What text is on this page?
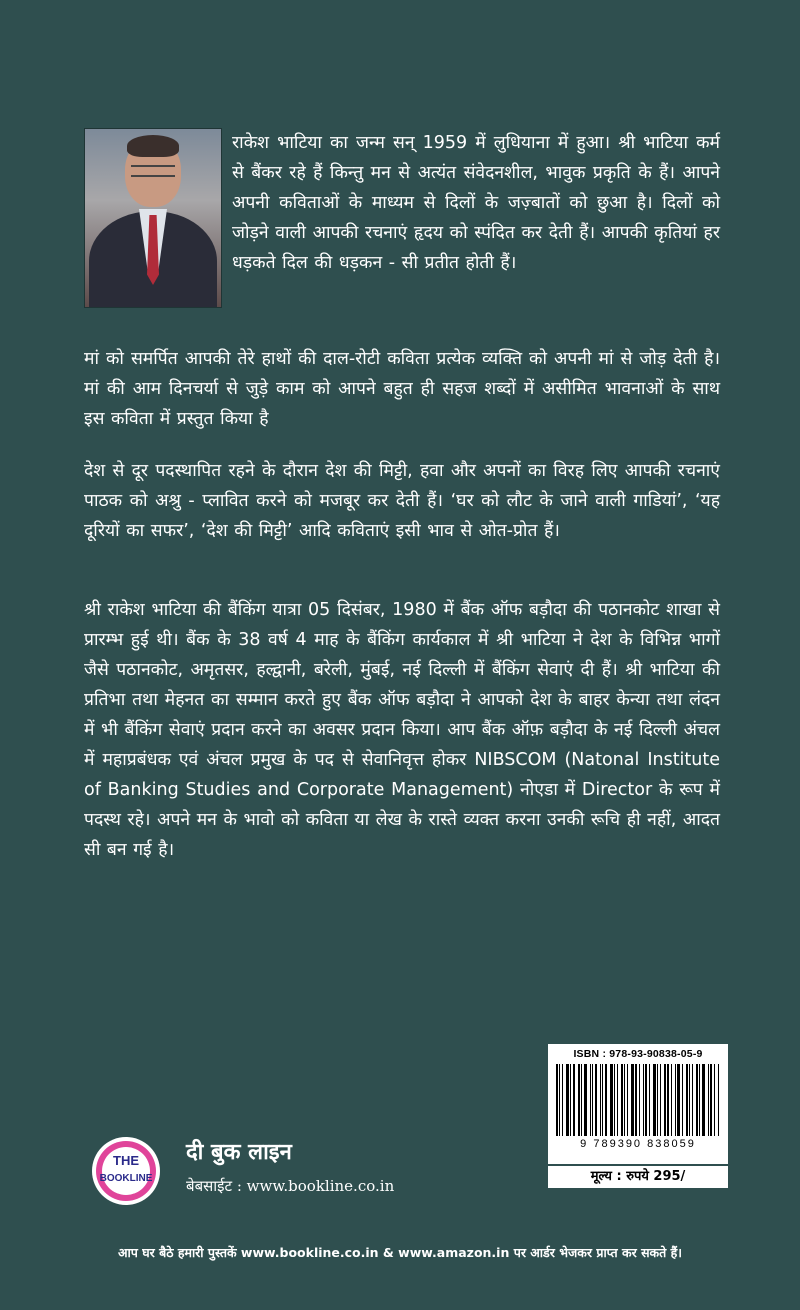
राकेश भाटिया का जन्म सन् 1959 में लुधियाना में हुआ। श्री भाटिया कर्म से बैंकर रहे हैं किन्तु मन से अत्यंत संवेदनशील, भावुक प्रकृति के हैं। आपने अपनी कविताओं के माध्यम से दिलों के जज़्बातों को छुआ है। दिलों को जोड़ने वाली आपकी रचनाएं हृदय को स्पंदित कर देती हैं। आपकी कृतियां हर धड़कते दिल की धड़कन - सी प्रतीत होती हैं।

मां को समर्पित आपकी तेरे हाथों की दाल-रोटी कविता प्रत्येक व्यक्ति को अपनी मां से जोड़ देती है। मां की आम दिनचर्या से जुड़े काम को आपने बहुत ही सहज शब्दों में असीमित भावनाओं के साथ इस कविता में प्रस्तुत किया है

देश से दूर पदस्थापित रहने के दौरान देश की मिट्टी, हवा और अपनों का विरह लिए आपकी रचनाएं पाठक को अश्रु - प्लावित करने को मजबूर कर देती हैं। ‘घर को लौट के जाने वाली गाडियां’, ‘यह दूरियों का सफर’, ‘देश की मिट्टी’ आदि कविताएं इसी भाव से ओत-प्रोत हैं।

श्री राकेश भाटिया की बैंकिंग यात्रा 05 दिसंबर, 1980 में बैंक ऑफ बड़ौदा की पठानकोट शाखा से प्रारम्भ हुई थी। बैंक के 38 वर्ष 4 माह के बैंकिंग कार्यकाल में श्री भाटिया ने देश के विभिन्न भागों जैसे पठानकोट, अमृतसर, हल्द्वानी, बरेली, मुंबई, नई दिल्ली में बैंकिंग सेवाएं दी हैं। श्री भाटिया की प्रतिभा तथा मेहनत का सम्मान करते हुए बैंक ऑफ बड़ौदा ने आपको देश के बाहर केन्या तथा लंदन में भी बैंकिंग सेवाएं प्रदान करने का अवसर प्रदान किया। आप बैंक ऑफ़ बड़ौदा के नई दिल्ली अंचल में महाप्रबंधक एवं अंचल प्रमुख के पद से सेवानिवृत्त होकर NIBSCOM (Natonal Institute of Banking Studies and Corporate Management) नोएडा में Director के रूप में पदस्थ रहे। अपने मन के भावो को कविता या लेख के रास्ते व्यक्त करना उनकी रूचि ही नहीं, आदत सी बन गई है।

ISBN : 978-93-90838-05-9
9 789390 838059
मूल्य : रुपये 295/
THE
BOOKLINE
दी बुक लाइन
बेबसाईट : www.bookline.co.in
आप घर बैठे हमारी पुस्तकें www.bookline.co.in & www.amazon.in पर आर्डर भेजकर प्राप्त कर सकते हैं।
